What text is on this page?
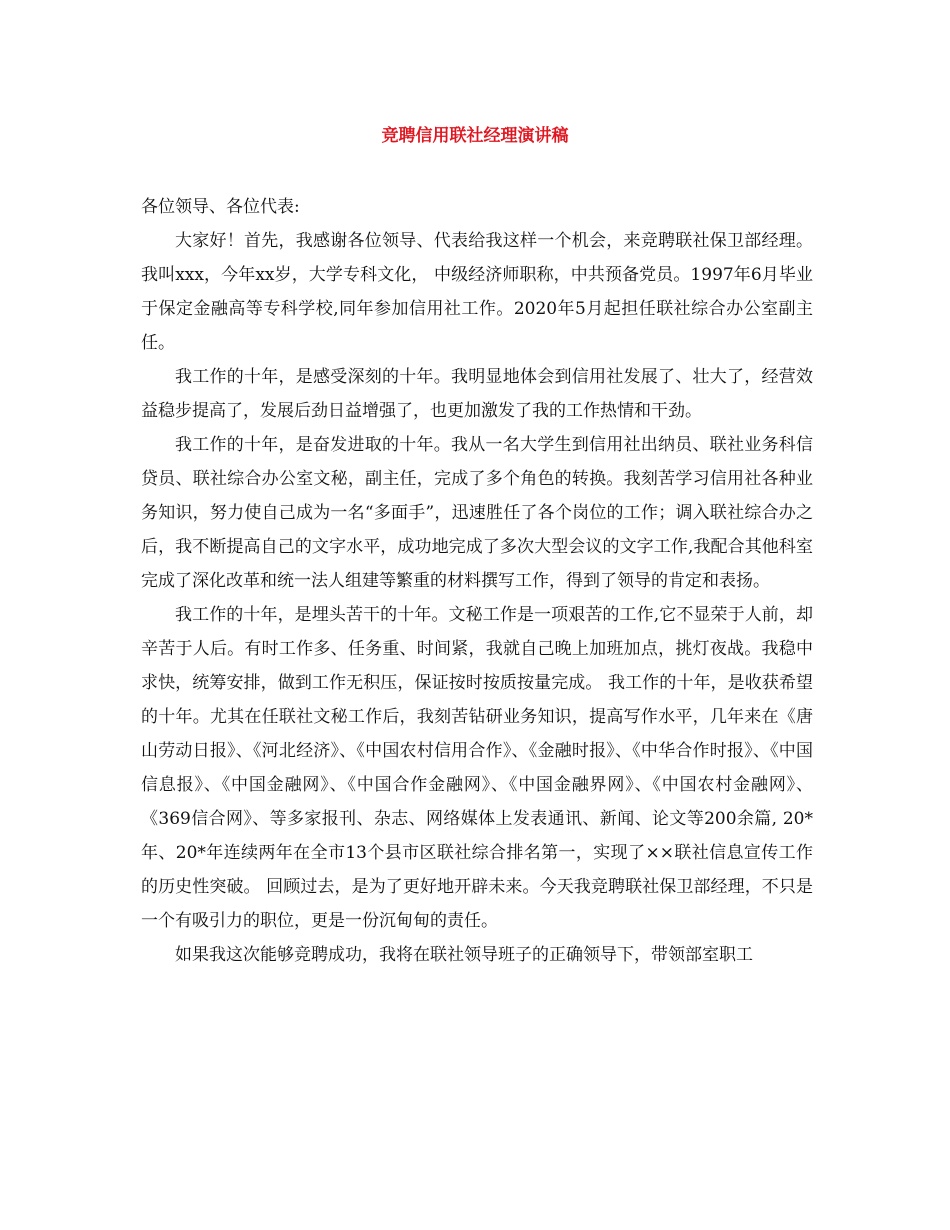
竞聘信用联社经理演讲稿

各位领导、各位代表:

大家好！首先，我感谢各位领导、代表给我这样一个机会，来竞聘联社保卫部经理。我叫xxx，今年xx岁，大学专科文化， 中级经济师职称，中共预备党员。1997年6月毕业于保定金融高等专科学校,同年参加信用社工作。2020年5月起担任联社综合办公室副主任。

我工作的十年，是感受深刻的十年。我明显地体会到信用社发展了、壮大了，经营效益稳步提高了，发展后劲日益增强了，也更加激发了我的工作热情和干劲。

我工作的十年，是奋发进取的十年。我从一名大学生到信用社出纳员、联社业务科信贷员、联社综合办公室文秘，副主任，完成了多个角色的转换。我刻苦学习信用社各种业务知识，努力使自己成为一名“多面手”，迅速胜任了各个岗位的工作；调入联社综合办之后，我不断提高自己的文字水平，成功地完成了多次大型会议的文字工作,我配合其他科室完成了深化改革和统一法人组建等繁重的材料撰写工作，得到了领导的肯定和表扬。

我工作的十年，是埋头苦干的十年。文秘工作是一项艰苦的工作,它不显荣于人前，却辛苦于人后。有时工作多、任务重、时间紧，我就自己晚上加班加点，挑灯夜战。我稳中求快，统筹安排，做到工作无积压，保证按时按质按量完成。 我工作的十年，是收获希望的十年。尤其在任联社文秘工作后，我刻苦钻研业务知识，提高写作水平，几年来在《唐山劳动日报》、《河北经济》、《中国农村信用合作》、《金融时报》、《中华合作时报》、《中国信息报》、《中国金融网》、《中国合作金融网》、《中国金融界网》、《中国农村金融网》、《369信合网》、等多家报刊、杂志、网络媒体上发表通讯、新闻、论文等200余篇, 20*年、20*年连续两年在全市13个县市区联社综合排名第一，实现了××联社信息宣传工作的历史性突破。 回顾过去，是为了更好地开辟未来。今天我竞聘联社保卫部经理，不只是一个有吸引力的职位，更是一份沉甸甸的责任。

如果我这次能够竞聘成功，我将在联社领导班子的正确领导下，带领部室职工
